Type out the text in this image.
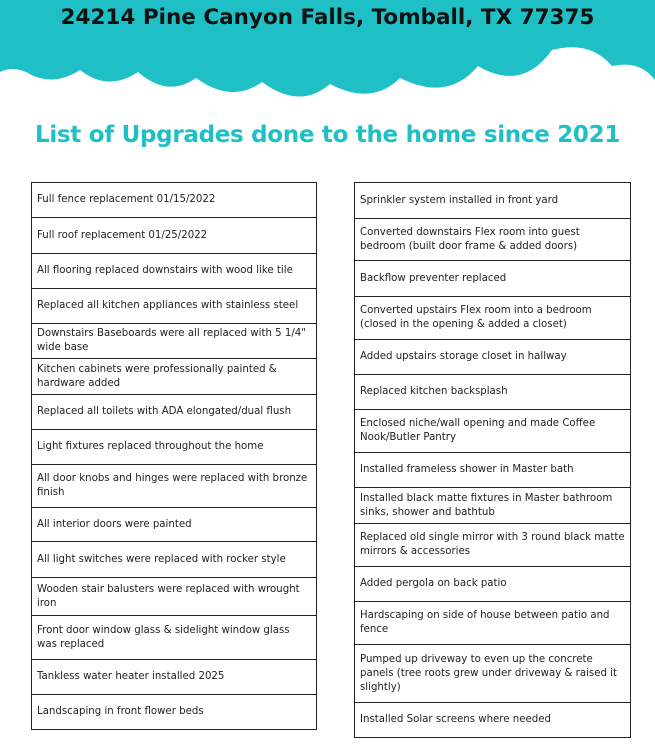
24214 Pine Canyon Falls, Tomball, TX 77375
List of Upgrades done to the home since 2021
Full fence replacement 01/15/2022
Full roof replacement 01/25/2022
All flooring replaced downstairs with wood like tile
Replaced all kitchen appliances with stainless steel
Downstairs Baseboards were all replaced with 5 1/4" wide base
Kitchen cabinets were professionally painted & hardware added
Replaced all toilets with ADA elongated/dual flush
Light fixtures replaced throughout the home
All door knobs and hinges were replaced with bronze finish
All interior doors were painted
All light switches were replaced with rocker style
Wooden stair balusters were replaced with wrought iron
Front door window glass & sidelight window glass was replaced
Tankless water heater installed 2025
Landscaping in front flower beds
Sprinkler system installed in front yard
Converted downstairs Flex room into guest bedroom (built door frame & added doors)
Backflow preventer replaced
Converted upstairs Flex room into a bedroom (closed in the opening & added a closet)
Added upstairs storage closet in hallway
Replaced kitchen backsplash
Enclosed niche/wall opening and made Coffee Nook/Butler Pantry
Installed frameless shower in Master bath
Installed black matte fixtures in Master bathroom sinks, shower and bathtub
Replaced old single mirror with 3 round black matte mirrors & accessories
Added pergola on back patio
Hardscaping on side of house between patio and fence
Pumped up driveway to even up the concrete panels (tree roots grew under driveway & raised it slightly)
Installed Solar screens where needed
